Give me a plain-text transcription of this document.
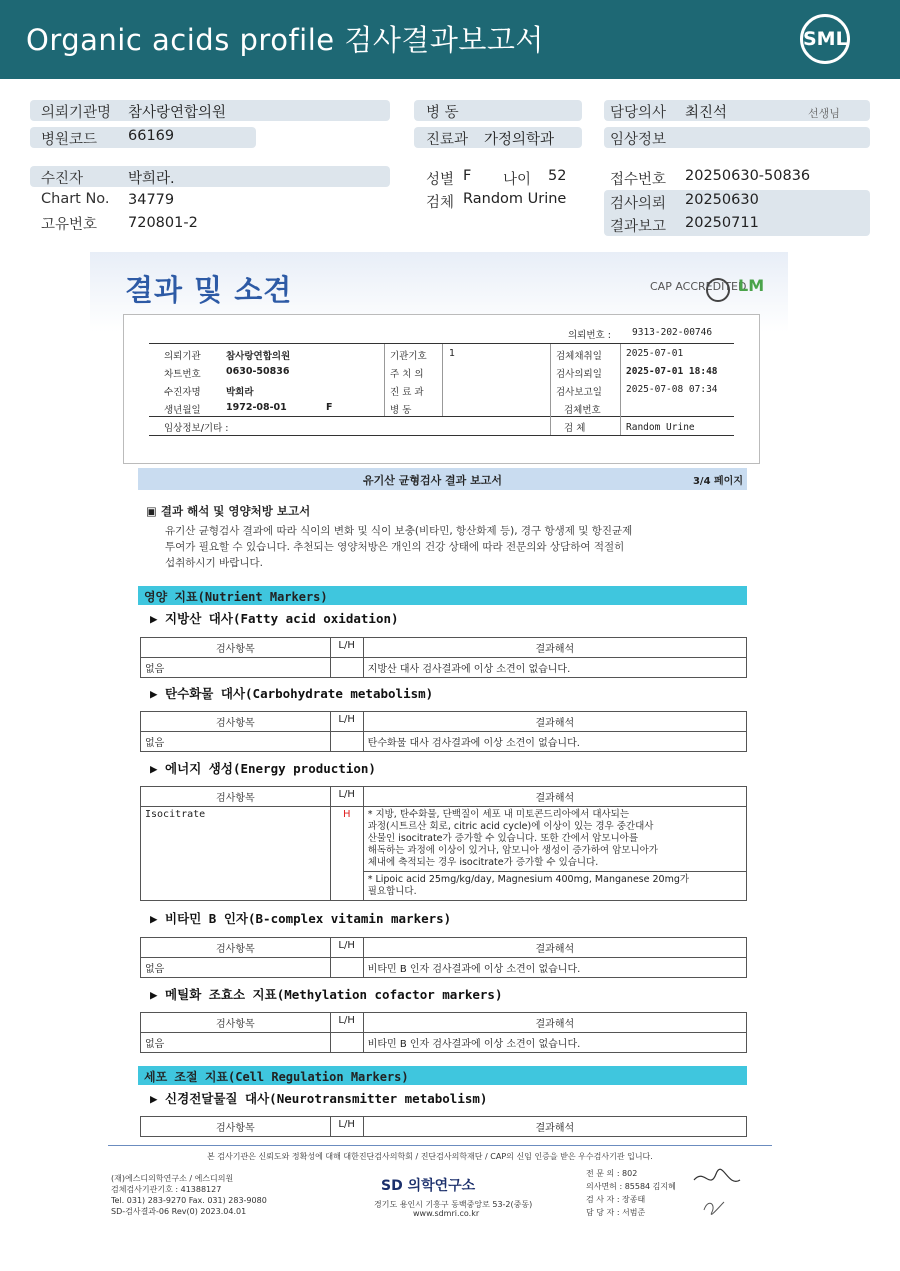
Organic acids profile 검사결과보고서	SML
의뢰기관명 참사랑연합의원
병원코드 66169
수진자	박희라.
Chart No. 34779
고유번호 720801-2
병 동
진료과 가정의학과
성별 F 나이 52
검체 Random Urine
담당의사 최진석	선생님
임상정보
접수번호 20250630-50836
검사의뢰 20250630
결과보고 20250711
결과 및 소견	CAP ACCREDITED
LM
의뢰번호 : 9313-202-00746
의뢰기관	참사랑연합의원	기관기호 1	검체채취일	2025-07-01
차트번호	0630-50836	주 치 의	검사의뢰일	2025-07-01 18:48
수진자명	박희라	진 료 과	검사보고일	2025-07-08 07:34
생년월일	1972-08-01	F	병 동	검체번호
임상정보/기타 :	검 체	Random Urine
유기산 균형검사 결과 보고서	3/4 페이지
▣ 결과 해석 및 영양처방 보고서
유기산 균형검사 결과에 따라 식이의 변화 및 식이 보충(비타민, 항산화제 등), 경구 항생제 및 항진균제
투여가 필요할 수 있습니다. 추천되는 영양처방은 개인의 건강 상태에 따라 전문의와 상담하여 적절히
섭취하시기 바랍니다.
영양 지표(Nutrient Markers)
▶ 지방산 대사(Fatty acid oxidation)
검사항목	L/H	결과해석
없음		지방산 대사 검사결과에 이상 소견이 없습니다.
▶ 탄수화물 대사(Carbohydrate metabolism)
검사항목	L/H	결과해석
없음		탄수화물 대사 검사결과에 이상 소견이 없습니다.
▶ 에너지 생성(Energy production)
검사항목	L/H	결과해석
Isocitrate	H	* 지방, 탄수화물, 단백질이 세포 내 미토콘드리아에서 대사되는
과정(시트르산 회로, citric acid cycle)에 이상이 있는 경우 중간대사
산물인 isocitrate가 증가할 수 있습니다. 또한 간에서 암모니아를
해독하는 과정에 이상이 있거나, 암모니아 생성이 증가하여 암모니아가
체내에 축적되는 경우 isocitrate가 증가할 수 있습니다.

		* Lipoic acid 25mg/kg/day, Magnesium 400mg, Manganese 20mg가
필요합니다.
▶ 비타민 B 인자(B-complex vitamin markers)
검사항목	L/H	결과해석
없음		비타민 B 인자 검사결과에 이상 소견이 없습니다.
▶ 메틸화 조효소 지표(Methylation cofactor markers)
검사항목	L/H	결과해석
없음		비타민 B 인자 검사결과에 이상 소견이 없습니다.
세포 조절 지표(Cell Regulation Markers)
▶ 신경전달물질 대사(Neurotransmitter metabolism)
검사항목	L/H	결과해석
본 검사기관은 신뢰도와 정확성에 대해 대한진단검사의학회 / 진단검사의학재단 / CAP의 신임 인증을 받은 우수검사기관 입니다.
(재)에스디의학연구소 / 에스디의원
검체검사기관기호 : 41388127
Tel. 031) 283-9270 Fax. 031) 283-9080
SD-검사결과-06 Rev(0) 2023.04.01
SD 의학연구소
경기도 용인시 기흥구 동백중앙로 53-2(중동)
www.sdmri.co.kr
전 문 의 : 802
의사면허 : 85584 김지혜
검 사 자 : 장종태
담 당 자 : 서범준
